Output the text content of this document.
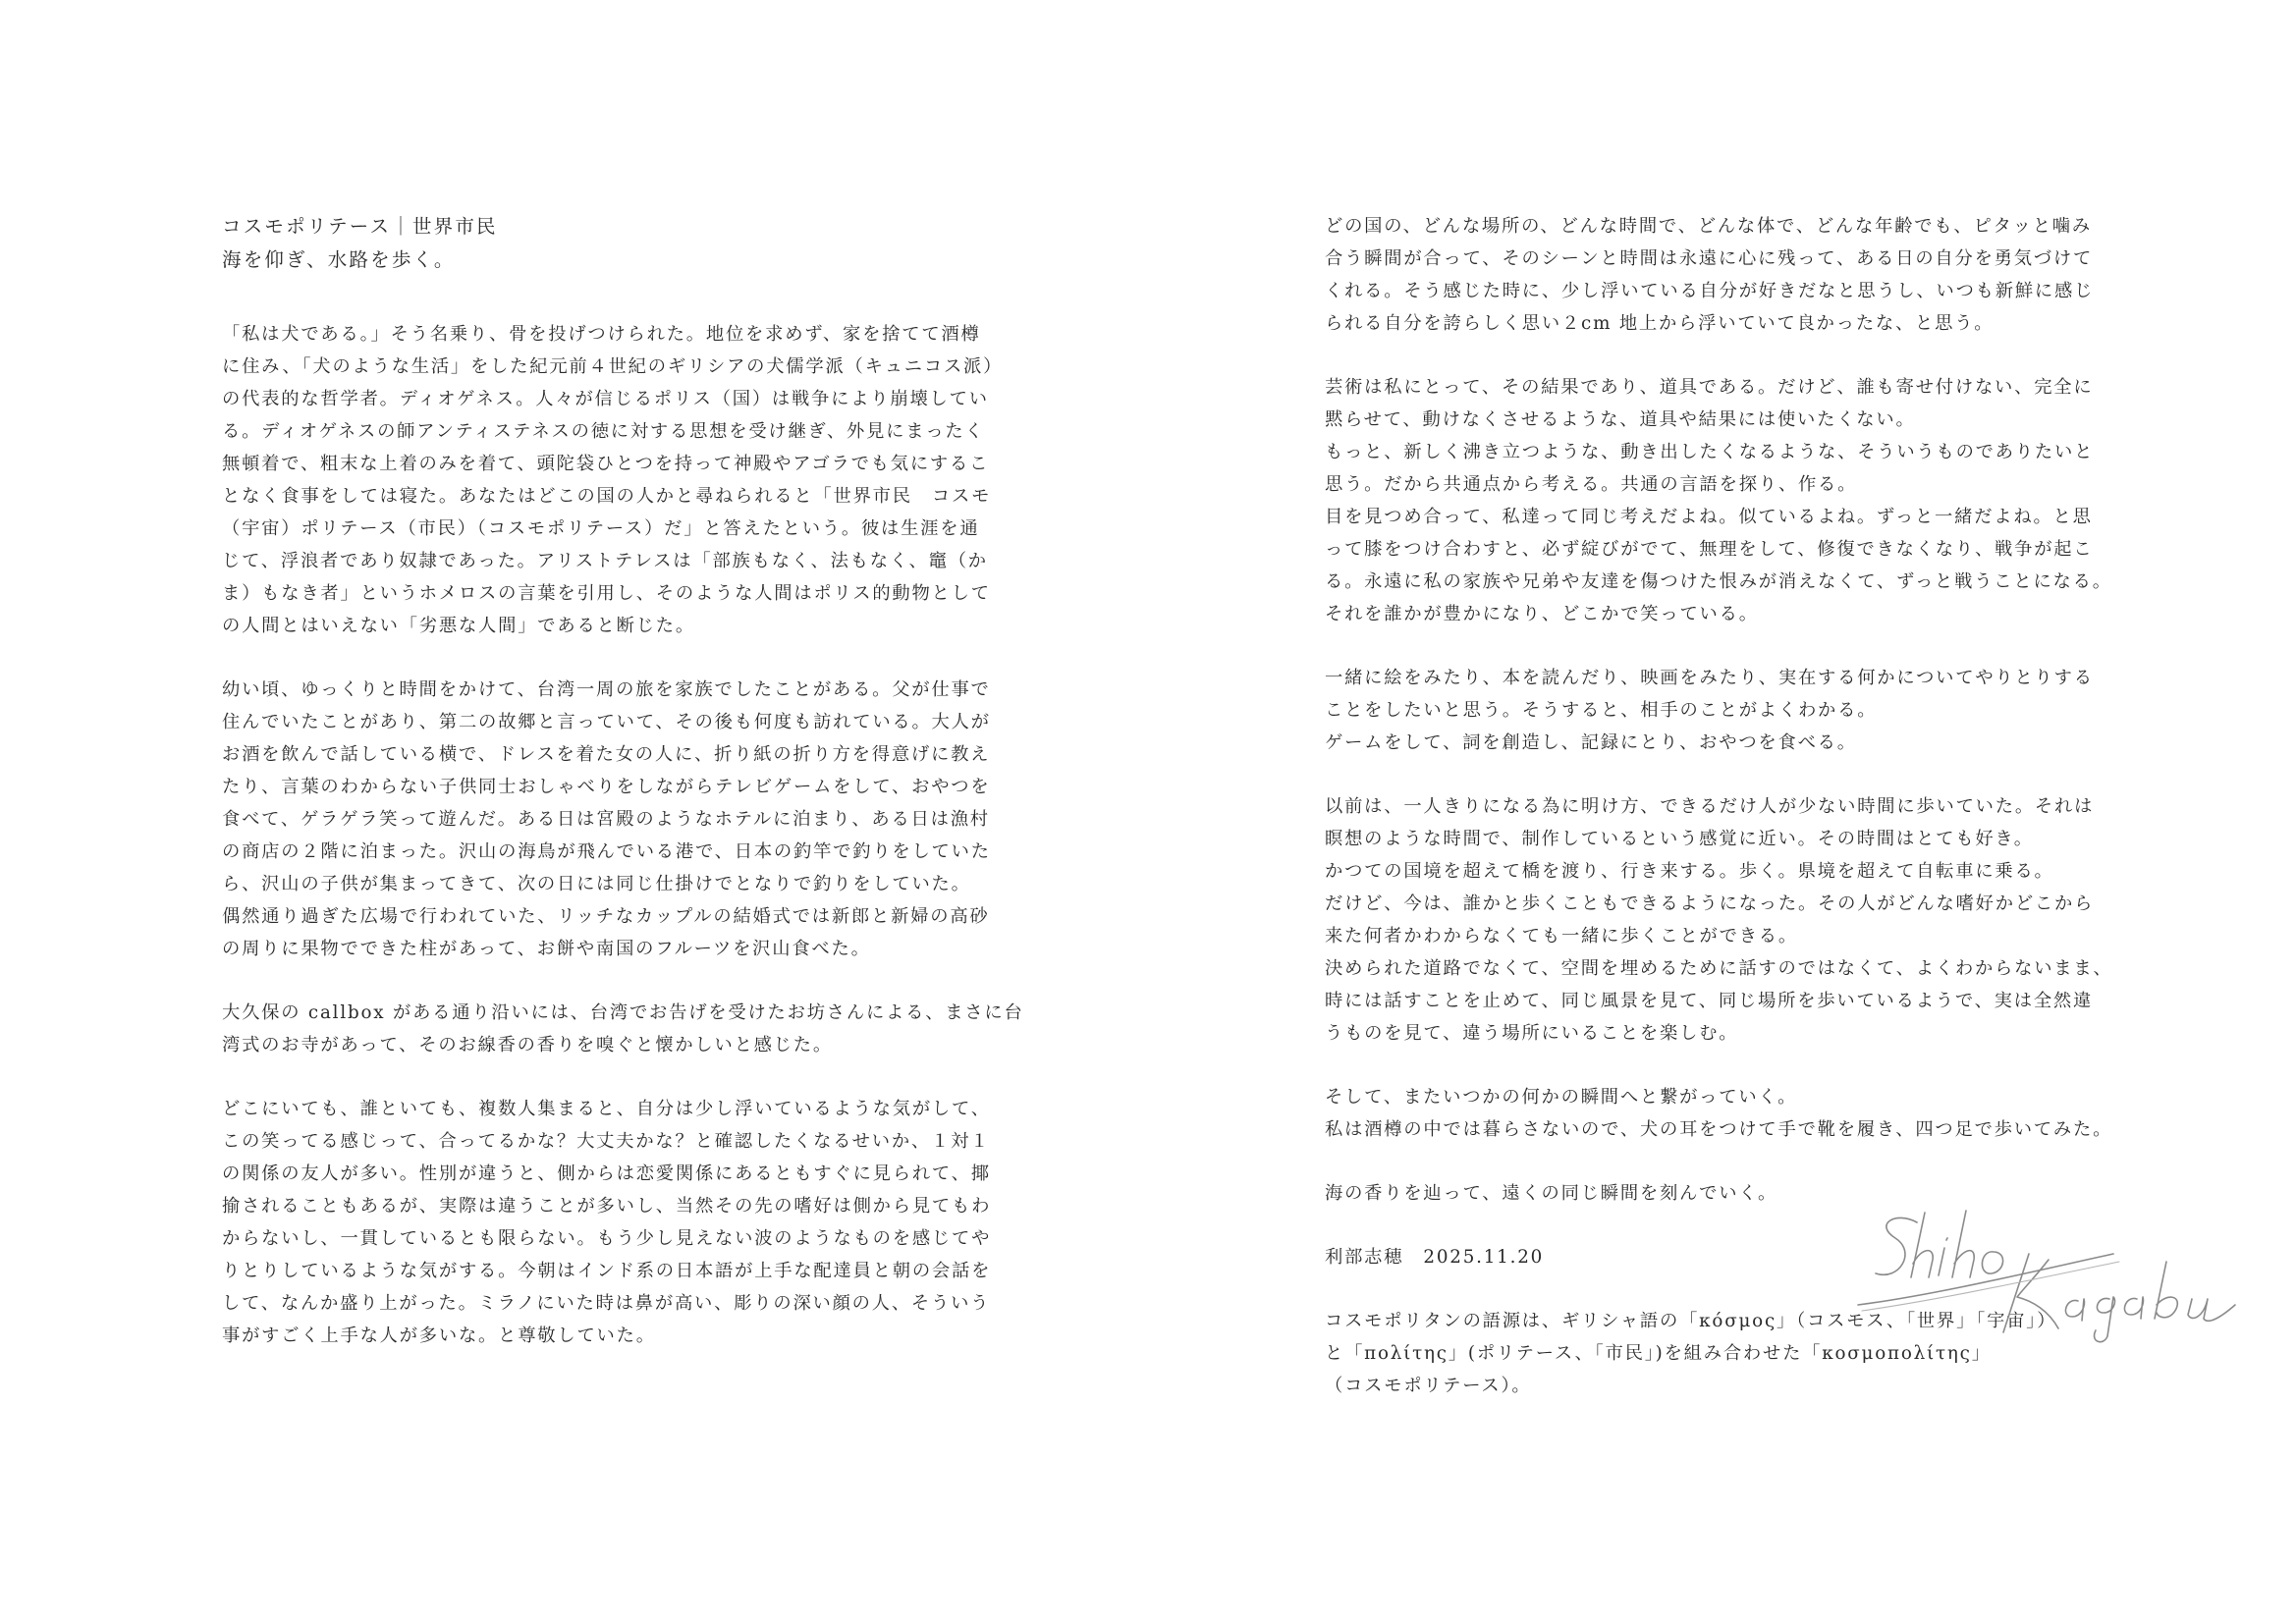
コスモポリテース｜世界市民
海を仰ぎ、水路を歩く。
「私は犬である。」そう名乗り、骨を投げつけられた。地位を求めず、家を捨てて酒樽
に住み、「犬のような生活」をした紀元前４世紀のギリシアの犬儒学派（キュニコス派）
の代表的な哲学者。ディオゲネス。人々が信じるポリス（国）は戦争により崩壊してい
る。ディオゲネスの師アンティステネスの徳に対する思想を受け継ぎ、外見にまったく
無頓着で、粗末な上着のみを着て、頭陀袋ひとつを持って神殿やアゴラでも気にするこ
となく食事をしては寝た。あなたはどこの国の人かと尋ねられると「世界市民　コスモ
（宇宙）ポリテース（市民）（コスモポリテース）だ」と答えたという。彼は生涯を通
じて、浮浪者であり奴隷であった。アリストテレスは「部族もなく、法もなく、竈（か
ま）もなき者」というホメロスの言葉を引用し、そのような人間はポリス的動物として
の人間とはいえない「劣悪な人間」であると断じた。
幼い頃、ゆっくりと時間をかけて、台湾一周の旅を家族でしたことがある。父が仕事で
住んでいたことがあり、第二の故郷と言っていて、その後も何度も訪れている。大人が
お酒を飲んで話している横で、ドレスを着た女の人に、折り紙の折り方を得意げに教え
たり、言葉のわからない子供同士おしゃべりをしながらテレビゲームをして、おやつを
食べて、ゲラゲラ笑って遊んだ。ある日は宮殿のようなホテルに泊まり、ある日は漁村
の商店の２階に泊まった。沢山の海鳥が飛んでいる港で、日本の釣竿で釣りをしていた
ら、沢山の子供が集まってきて、次の日には同じ仕掛けでとなりで釣りをしていた。
偶然通り過ぎた広場で行われていた、リッチなカップルの結婚式では新郎と新婦の高砂
の周りに果物でできた柱があって、お餅や南国のフルーツを沢山食べた。
大久保の callbox がある通り沿いには、台湾でお告げを受けたお坊さんによる、まさに台
湾式のお寺があって、そのお線香の香りを嗅ぐと懐かしいと感じた。
どこにいても、誰といても、複数人集まると、自分は少し浮いているような気がして、
この笑ってる感じって、合ってるかな？大丈夫かな？と確認したくなるせいか、１対１
の関係の友人が多い。性別が違うと、側からは恋愛関係にあるともすぐに見られて、揶
揄されることもあるが、実際は違うことが多いし、当然その先の嗜好は側から見てもわ
からないし、一貫しているとも限らない。もう少し見えない波のようなものを感じてや
りとりしているような気がする。今朝はインド系の日本語が上手な配達員と朝の会話を
して、なんか盛り上がった。ミラノにいた時は鼻が高い、彫りの深い顔の人、そういう
事がすごく上手な人が多いな。と尊敬していた。
どの国の、どんな場所の、どんな時間で、どんな体で、どんな年齢でも、ピタッと噛み
合う瞬間が合って、そのシーンと時間は永遠に心に残って、ある日の自分を勇気づけて
くれる。そう感じた時に、少し浮いている自分が好きだなと思うし、いつも新鮮に感じ
られる自分を誇らしく思い２cm 地上から浮いていて良かったな、と思う。
芸術は私にとって、その結果であり、道具である。だけど、誰も寄せ付けない、完全に
黙らせて、動けなくさせるような、道具や結果には使いたくない。
もっと、新しく沸き立つような、動き出したくなるような、そういうものでありたいと
思う。だから共通点から考える。共通の言語を探り、作る。
目を見つめ合って、私達って同じ考えだよね。似ているよね。ずっと一緒だよね。と思
って膝をつけ合わすと、必ず綻びがでて、無理をして、修復できなくなり、戦争が起こ
る。永遠に私の家族や兄弟や友達を傷つけた恨みが消えなくて、ずっと戦うことになる。
それを誰かが豊かになり、どこかで笑っている。
一緒に絵をみたり、本を読んだり、映画をみたり、実在する何かについてやりとりする
ことをしたいと思う。そうすると、相手のことがよくわかる。
ゲームをして、詞を創造し、記録にとり、おやつを食べる。
以前は、一人きりになる為に明け方、できるだけ人が少ない時間に歩いていた。それは
瞑想のような時間で、制作しているという感覚に近い。その時間はとても好き。
かつての国境を超えて橋を渡り、行き来する。歩く。県境を超えて自転車に乗る。
だけど、今は、誰かと歩くこともできるようになった。その人がどんな嗜好かどこから
来た何者かわからなくても一緒に歩くことができる。
決められた道路でなくて、空間を埋めるために話すのではなくて、よくわからないまま、
時には話すことを止めて、同じ風景を見て、同じ場所を歩いているようで、実は全然違
うものを見て、違う場所にいることを楽しむ。
そして、またいつかの何かの瞬間へと繋がっていく。
私は酒樽の中では暮らさないので、犬の耳をつけて手で靴を履き、四つ足で歩いてみた。
海の香りを辿って、遠くの同じ瞬間を刻んでいく。
利部志穂　2025.11.20
コスモポリタンの語源は、ギリシャ語の「κόσμος」（コスモス、「世界」「宇宙」）
と「πολίτης」(ポリテース、「市民」)を組み合わせた「κοσμοπολίτης」
（コスモポリテース）。
